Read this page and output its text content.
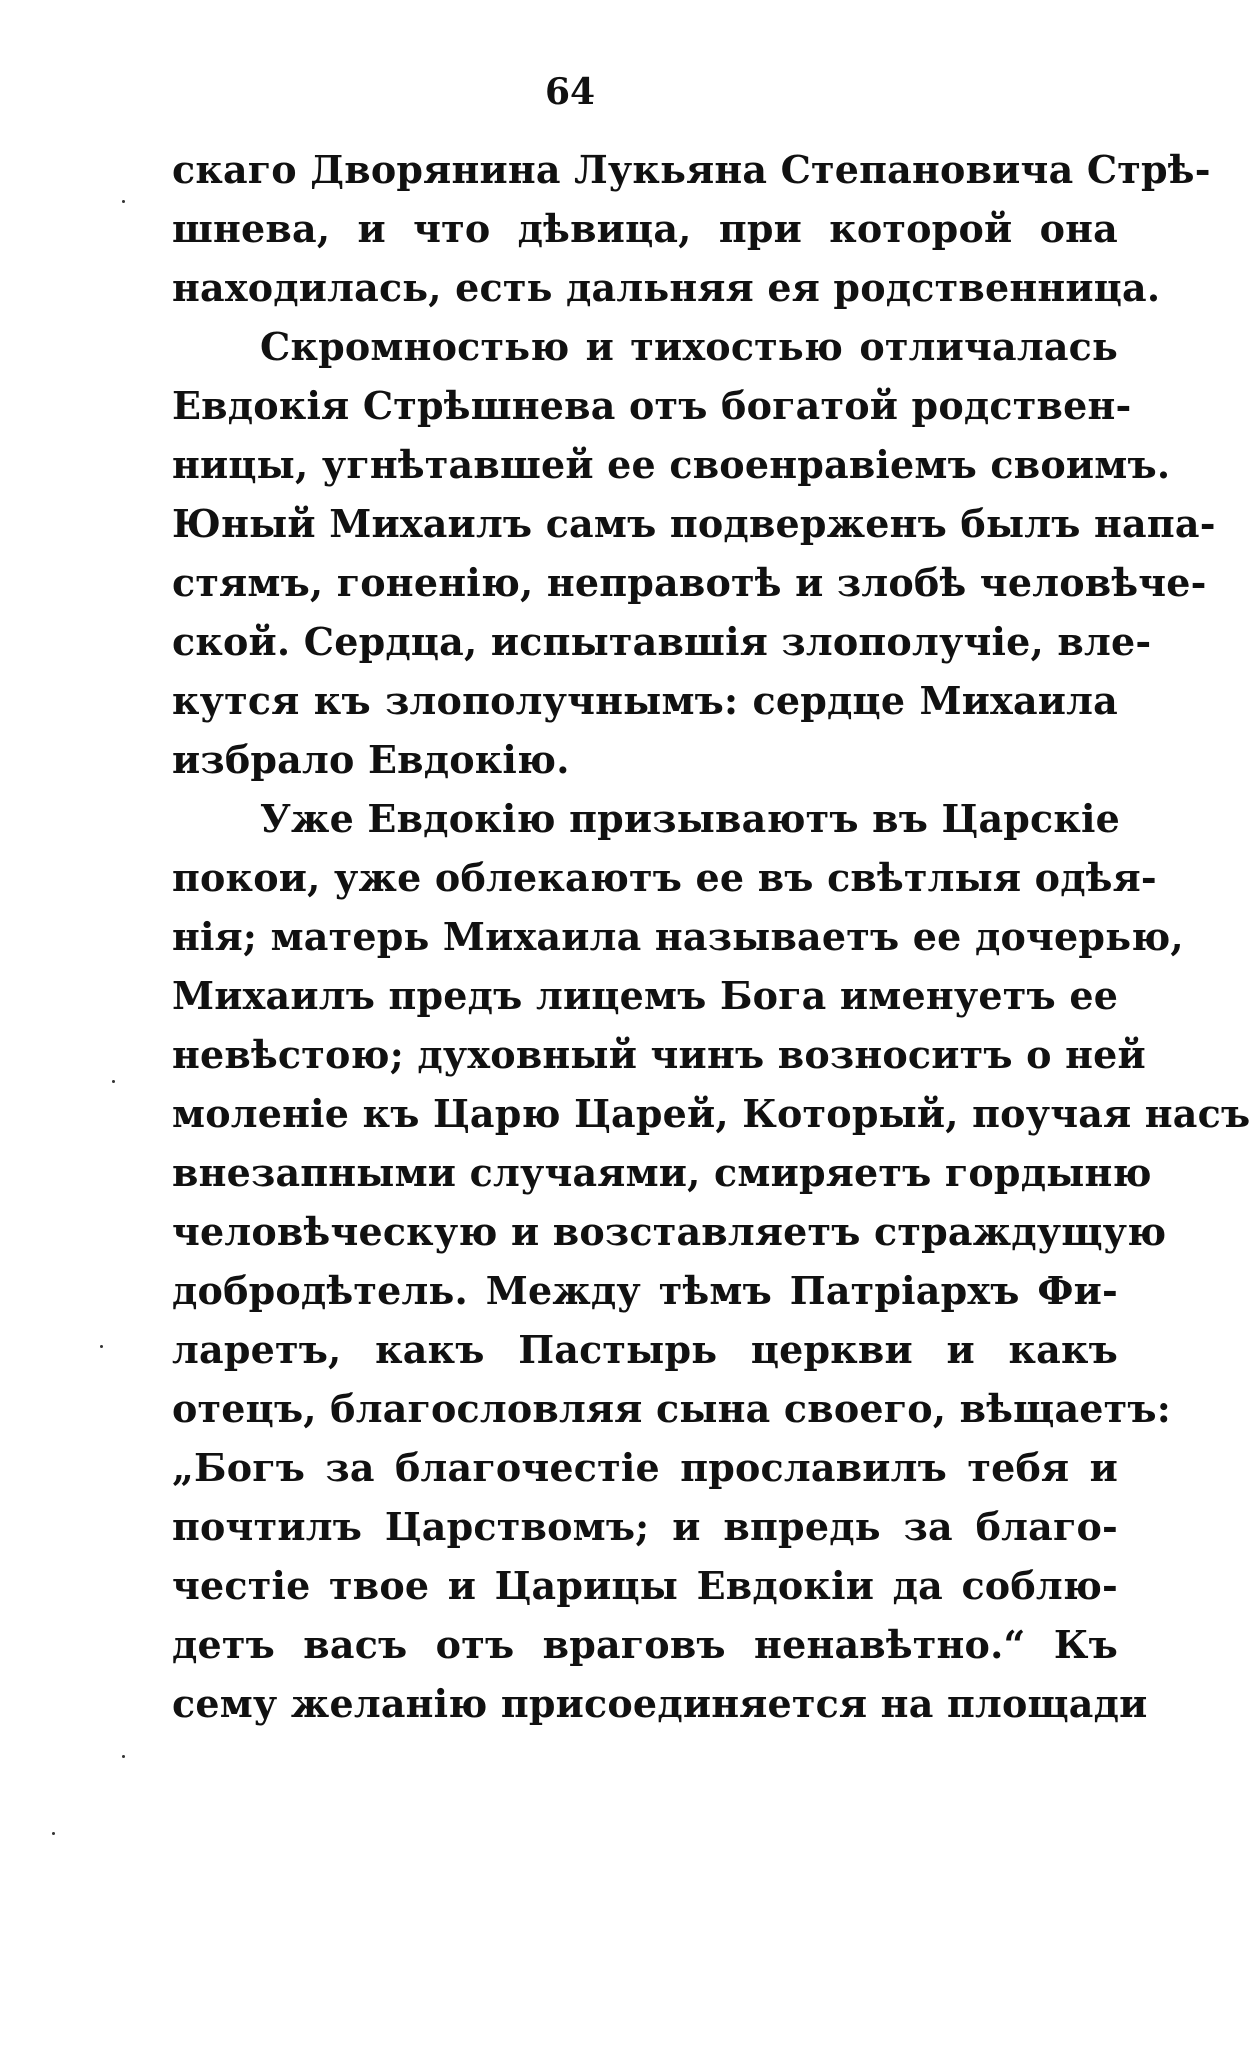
64
скаго Дворянина Лукьяна Степановича Стрѣ-
шнева, и что дѣвица, при которой она
находилась, есть дальняя ея родственница.
Скромностью и тихостью отличалась
Евдокія Стрѣшнева отъ богатой родствен-
ницы, угнѣтавшей ее своенравіемъ своимъ.
Юный Михаилъ самъ подверженъ былъ напа-
стямъ, гоненію, неправотѣ и злобѣ человѣче-
ской. Сердца, испытавшія злополучіе, вле-
кутся къ злополучнымъ: сердце Михаила
избрало Евдокію.
Уже Евдокію призываютъ въ Царскіе
покои, уже облекаютъ ее въ свѣтлыя одѣя-
нія; матерь Михаила называетъ ее дочерью,
Михаилъ предъ лицемъ Бога именуетъ ее
невѣстою; духовный чинъ возноситъ о ней
моленіе къ Царю Царей, Который, поучая насъ
внезапными случаями, смиряетъ гордыню
человѣческую и возставляетъ страждущую
добродѣтель. Между тѣмъ Патріархъ Фи-
ларетъ, какъ Пастырь церкви и какъ
отецъ, благословляя сына своего, вѣщаетъ:
„Богъ за благочестіе прославилъ тебя и
почтилъ Царствомъ; и впредь за благо-
честіе твое и Царицы Евдокіи да соблю-
детъ васъ отъ враговъ ненавѣтно.“ Къ
сему желанію присоединяется на площади
